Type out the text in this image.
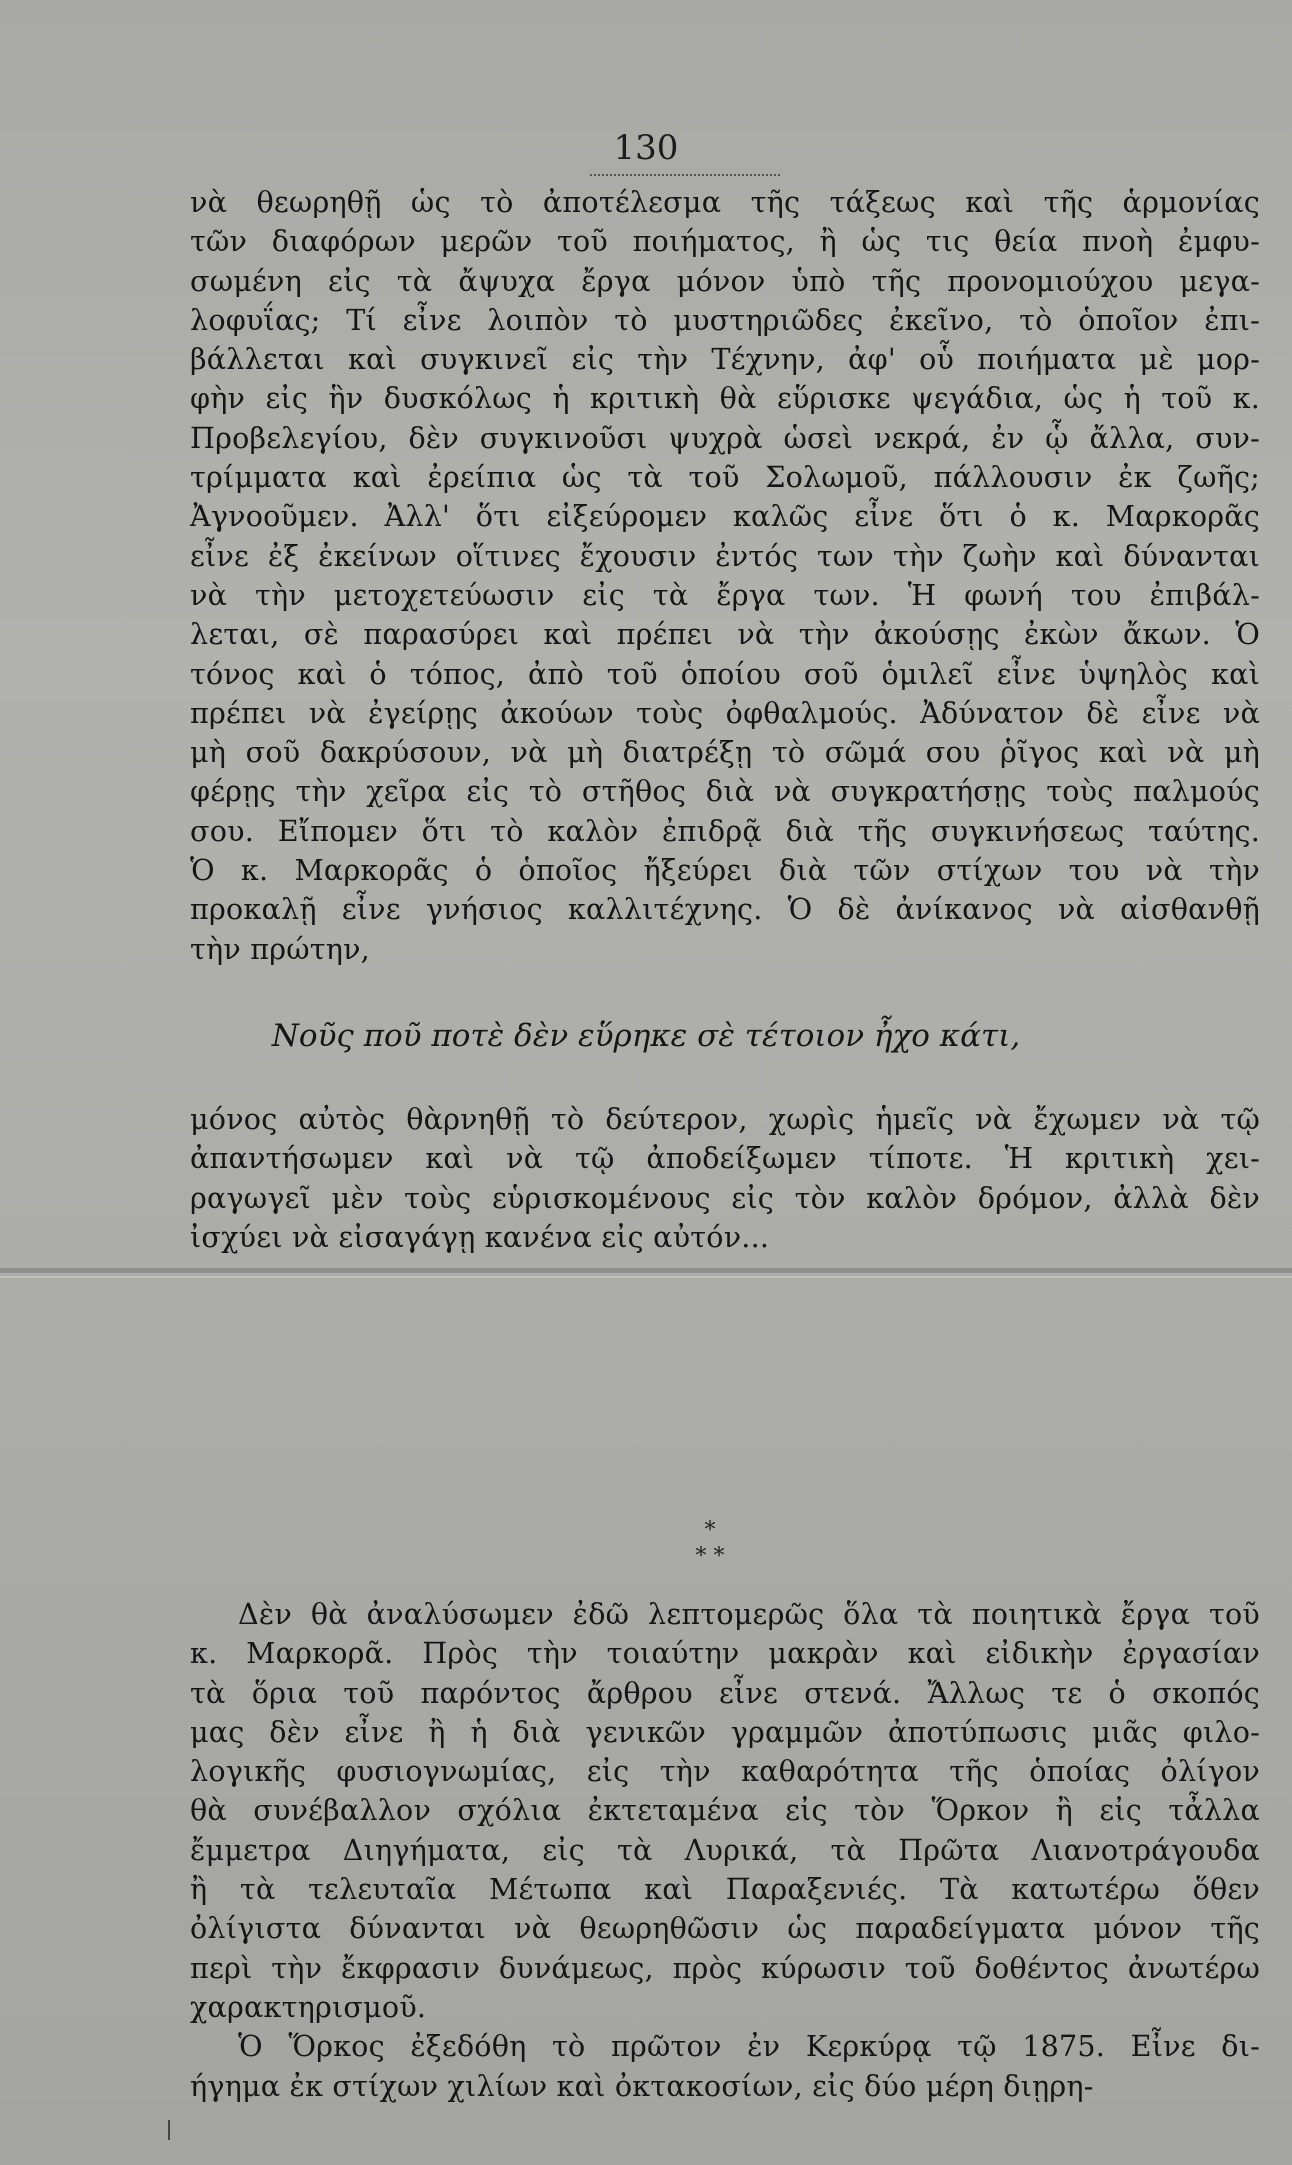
130
νὰ θεωρηθῇ ὡς τὸ ἀποτέλεσμα τῆς τάξεως καὶ τῆς ἁρμονίας
τῶν διαφόρων μερῶν τοῦ ποιήματος, ἢ ὡς τις θεία πνοὴ ἐμφυ-
σωμένη εἰς τὰ ἄψυχα ἔργα μόνον ὑπὸ τῆς προνομιούχου μεγα-
λοφυΐας; Τί εἶνε λοιπὸν τὸ μυστηριῶδες ἐκεῖνο, τὸ ὁποῖον ἐπι-
βάλλεται καὶ συγκινεῖ εἰς τὴν Τέχνην, ἀφ' οὗ ποιήματα μὲ μορ-
φὴν εἰς ἣν δυσκόλως ἡ κριτικὴ θὰ εὕρισκε ψεγάδια, ὡς ἡ τοῦ κ.
Προβελεγίου, δὲν συγκινοῦσι ψυχρὰ ὡσεὶ νεκρά, ἐν ᾧ ἄλλα, συν-
τρίμματα καὶ ἐρείπια ὡς τὰ τοῦ Σολωμοῦ, πάλλουσιν ἐκ ζωῆς;
Ἀγνοοῦμεν. Ἀλλ' ὅτι εἰξεύρομεν καλῶς εἶνε ὅτι ὁ κ. Μαρκορᾶς
εἶνε ἐξ ἐκείνων οἵτινες ἔχουσιν ἐντός των τὴν ζωὴν καὶ δύνανται
νὰ τὴν μετοχετεύωσιν εἰς τὰ ἔργα των. Ἡ φωνή του ἐπιβάλ-
λεται, σὲ παρασύρει καὶ πρέπει νὰ τὴν ἀκούσῃς ἐκὼν ἄκων. Ὁ
τόνος καὶ ὁ τόπος, ἀπὸ τοῦ ὁποίου σοῦ ὁμιλεῖ εἶνε ὑψηλὸς καὶ
πρέπει νὰ ἐγείρῃς ἀκούων τοὺς ὀφθαλμούς. Ἀδύνατον δὲ εἶνε νὰ
μὴ σοῦ δακρύσουν, νὰ μὴ διατρέξῃ τὸ σῶμά σου ῥῖγος καὶ νὰ μὴ
φέρῃς τὴν χεῖρα εἰς τὸ στῆθος διὰ νὰ συγκρατήσῃς τοὺς παλμούς
σου. Εἴπομεν ὅτι τὸ καλὸν ἐπιδρᾷ διὰ τῆς συγκινήσεως ταύτης.
Ὁ κ. Μαρκορᾶς ὁ ὁποῖος ἤξεύρει διὰ τῶν στίχων του νὰ τὴν
προκαλῇ εἶνε γνήσιος καλλιτέχνης. Ὁ δὲ ἀνίκανος νὰ αἰσθανθῇ
τὴν πρώτην,
Νοῦς ποῦ ποτὲ δὲν εὕρηκε σὲ τέτοιον ἦχο κάτι,
μόνος αὐτὸς θὰρνηθῇ τὸ δεύτερον, χωρὶς ἡμεῖς νὰ ἔχωμεν νὰ τῷ
ἀπαντήσωμεν καὶ νὰ τῷ ἀποδείξωμεν τίποτε. Ἡ κριτικὴ χει-
ραγωγεῖ μὲν τοὺς εὑρισκομένους εἰς τὸν καλὸν δρόμον, ἀλλὰ δὲν
ἰσχύει νὰ εἰσαγάγῃ κανένα εἰς αὐτόν...
*
* *
Δὲν θὰ ἀναλύσωμεν ἐδῶ λεπτομερῶς ὅλα τὰ ποιητικὰ ἔργα τοῦ
κ. Μαρκορᾶ. Πρὸς τὴν τοιαύτην μακρὰν καὶ εἰδικὴν ἐργασίαν
τὰ ὅρια τοῦ παρόντος ἄρθρου εἶνε στενά. Ἄλλως τε ὁ σκοπός
μας δὲν εἶνε ἢ ἡ διὰ γενικῶν γραμμῶν ἀποτύπωσις μιᾶς φιλο-
λογικῆς φυσιογνωμίας, εἰς τὴν καθαρότητα τῆς ὁποίας ὀλίγον
θὰ συνέβαλλον σχόλια ἐκτεταμένα εἰς τὸν Ὅρκον ἢ εἰς τἆλλα
ἔμμετρα Διηγήματα, εἰς τὰ Λυρικά, τὰ Πρῶτα Λιανοτράγουδα
ἢ τὰ τελευταῖα Μέτωπα καὶ Παραξενιές. Τὰ κατωτέρω ὅθεν
ὀλίγιστα δύνανται νὰ θεωρηθῶσιν ὡς παραδείγματα μόνον τῆς
περὶ τὴν ἔκφρασιν δυνάμεως, πρὸς κύρωσιν τοῦ δοθέντος ἀνωτέρω
χαρακτηρισμοῦ.
Ὁ Ὅρκος ἐξεδόθη τὸ πρῶτον ἐν Κερκύρᾳ τῷ 1875. Εἶνε δι-
ήγημα ἐκ στίχων χιλίων καὶ ὀκτακοσίων, εἰς δύο μέρη διῃρη-
